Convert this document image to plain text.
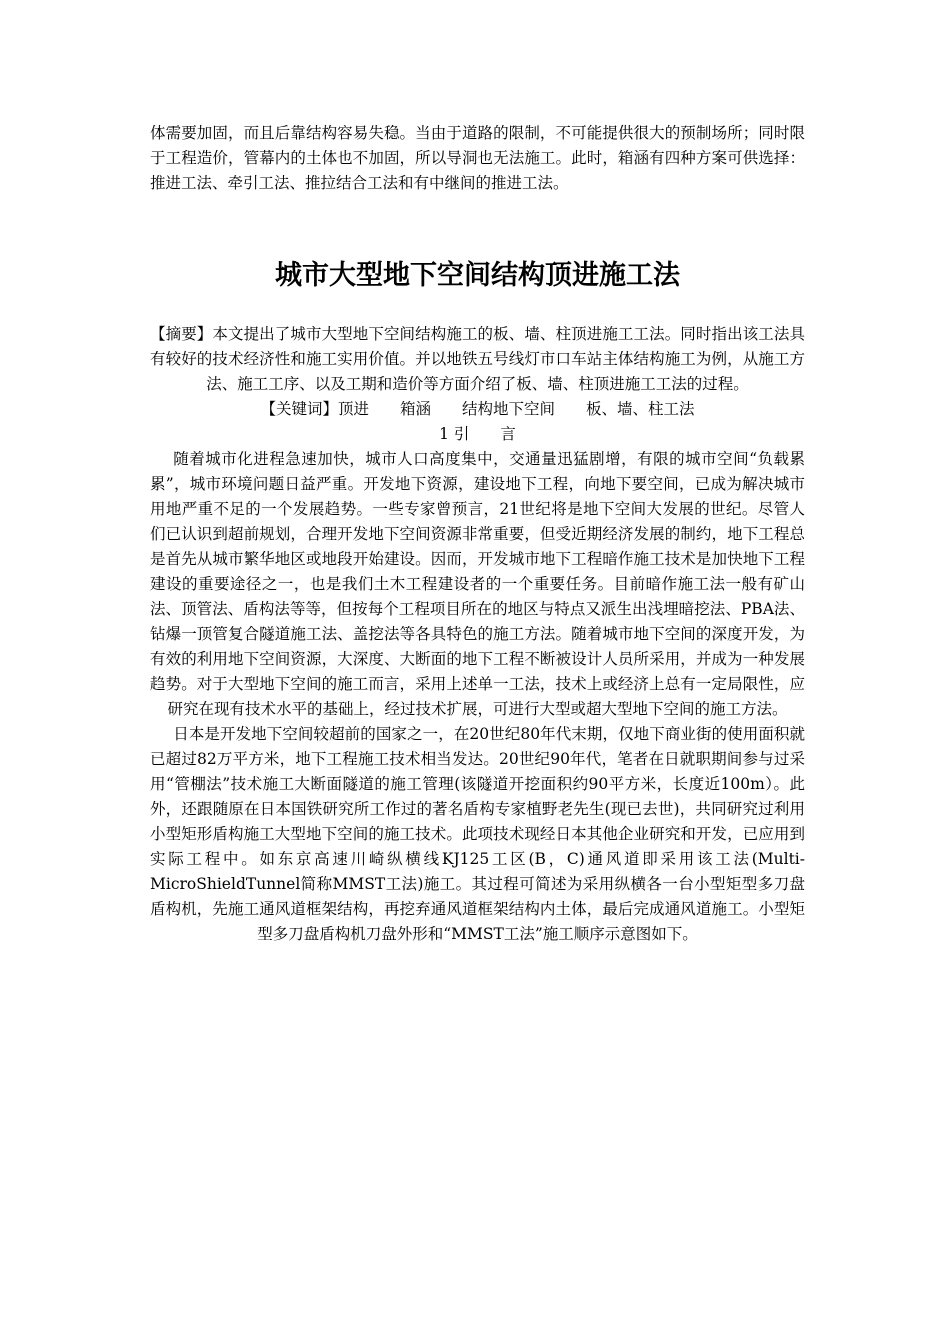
体需要加固，而且后靠结构容易失稳。当由于道路的限制，不可能提供很大的预制场所；同时限于工程造价，管幕内的土体也不加固，所以导洞也无法施工。此时，箱涵有四种方案可供选择：推进工法、牵引工法、推拉结合工法和有中继间的推进工法。

城市大型地下空间结构顶进施工法

【摘要】本文提出了城市大型地下空间结构施工的板、墙、柱顶进施工工法。同时指出该工法具有较好的技术经济性和施工实用价值。并以地铁五号线灯市口车站主体结构施工为例，从施工方法、施工工序、以及工期和造价等方面介绍了板、墙、柱顶进施工工法的过程。

【关键词】顶进　　箱涵　　结构地下空间　　板、墙、柱工法

1 引　　言

随着城市化进程急速加快，城市人口高度集中，交通量迅猛剧增，有限的城市空间“负载累累”，城市环境问题日益严重。开发地下资源，建设地下工程，向地下要空间，已成为解决城市用地严重不足的一个发展趋势。一些专家曾预言，21世纪将是地下空间大发展的世纪。尽管人们已认识到超前规划，合理开发地下空间资源非常重要，但受近期经济发展的制约，地下工程总是首先从城市繁华地区或地段开始建设。因而，开发城市地下工程暗作施工技术是加快地下工程建设的重要途径之一，也是我们土木工程建设者的一个重要任务。目前暗作施工法一般有矿山法、顶管法、盾构法等等，但按每个工程项目所在的地区与特点又派生出浅埋暗挖法、PBA法、钻爆一顶管复合隧道施工法、盖挖法等各具特色的施工方法。随着城市地下空间的深度开发，为有效的利用地下空间资源，大深度、大断面的地下工程不断被设计人员所采用，并成为一种发展趋势。对于大型地下空间的施工而言，采用上述单一工法，技术上或经济上总有一定局限性，应研究在现有技术水平的基础上，经过技术扩展，可进行大型或超大型地下空间的施工方法。

日本是开发地下空间较超前的国家之一，在20世纪80年代末期，仅地下商业街的使用面积就已超过82万平方米，地下工程施工技术相当发达。20世纪90年代，笔者在日就职期间参与过采用“管棚法”技术施工大断面隧道的施工管理(该隧道开挖面积约90平方米，长度近100m）。此外，还跟随原在日本国铁研究所工作过的著名盾构专家植野老先生(现已去世)，共同研究过利用小型矩形盾构施工大型地下空间的施工技术。此项技术现经日本其他企业研究和开发，已应用到实际工程中。如东京高速川崎纵横线KJ125工区(B，C)通风道即采用该工法(Multi-MicroShieldTunnel简称MMST工法)施工。其过程可简述为采用纵横各一台小型矩型多刀盘盾构机，先施工通风道框架结构，再挖弃通风道框架结构内土体，最后完成通风道施工。小型矩型多刀盘盾构机刀盘外形和“MMST工法”施工顺序示意图如下。
